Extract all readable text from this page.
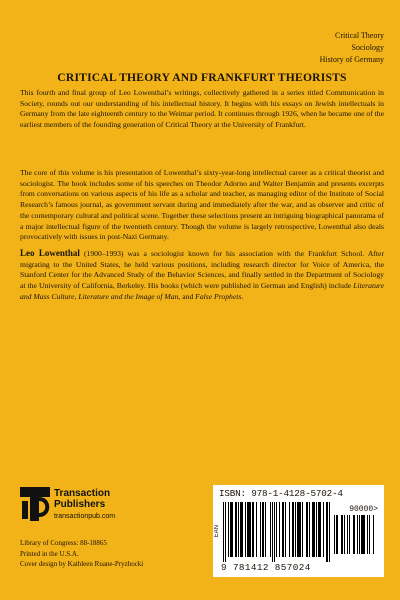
Critical Theory
Sociology
History of Germany
CRITICAL THEORY AND FRANKFURT THEORISTS

This fourth and final group of Leo Lowenthal’s writings, collectively gathered in a series titled Communication in Society, rounds out our understanding of his intellectual history. It begins with his essays on Jewish intellectuals in Germany from the late eighteenth century to the Weimar period. It continues through 1926, when he became one of the earliest members of the founding generation of Critical Theory at the University of Frankfurt.

The core of this volume is his presentation of Lowenthal’s sixty-year-long intellectual career as a critical theorist and sociologist. The book includes some of his speeches on Theodor Adorno and Walter Benjamin and presents excerpts from conversations on various aspects of his life as a scholar and teacher, as managing editor of the Institute of Social Research’s famous journal, as government servant during and immediately after the war, and as observer and critic of the contemporary cultural and political scene. Together these selections present an intriguing biographical panorama of a major intellectual figure of the twentieth century. Though the volume is largely retrospective, Lowenthal also deals provocatively with issues in post-Nazi Germany.

Leo Lowenthal (1900–1993) was a sociologist known for his association with the Frankfurt School. After migrating to the United States, he held various positions, including research director for Voice of America, the Stanford Center for the Advanced Study of the Behavior Sciences, and finally settled in the Department of Sociology at the University of California, Berkeley. His books (which were published in German and English) include Literature and Mass Culture, Literature and the Image of Man, and False Prophets.

Transaction
Publishers
transactionpub.com
Library of Congress: 88-18865
Printed in the U.S.A.
Cover design by Kathleen Ruane-Pryzhocki
ISBN: 978-1-4128-5702-4
EAN
90000>
9 781412 857024
